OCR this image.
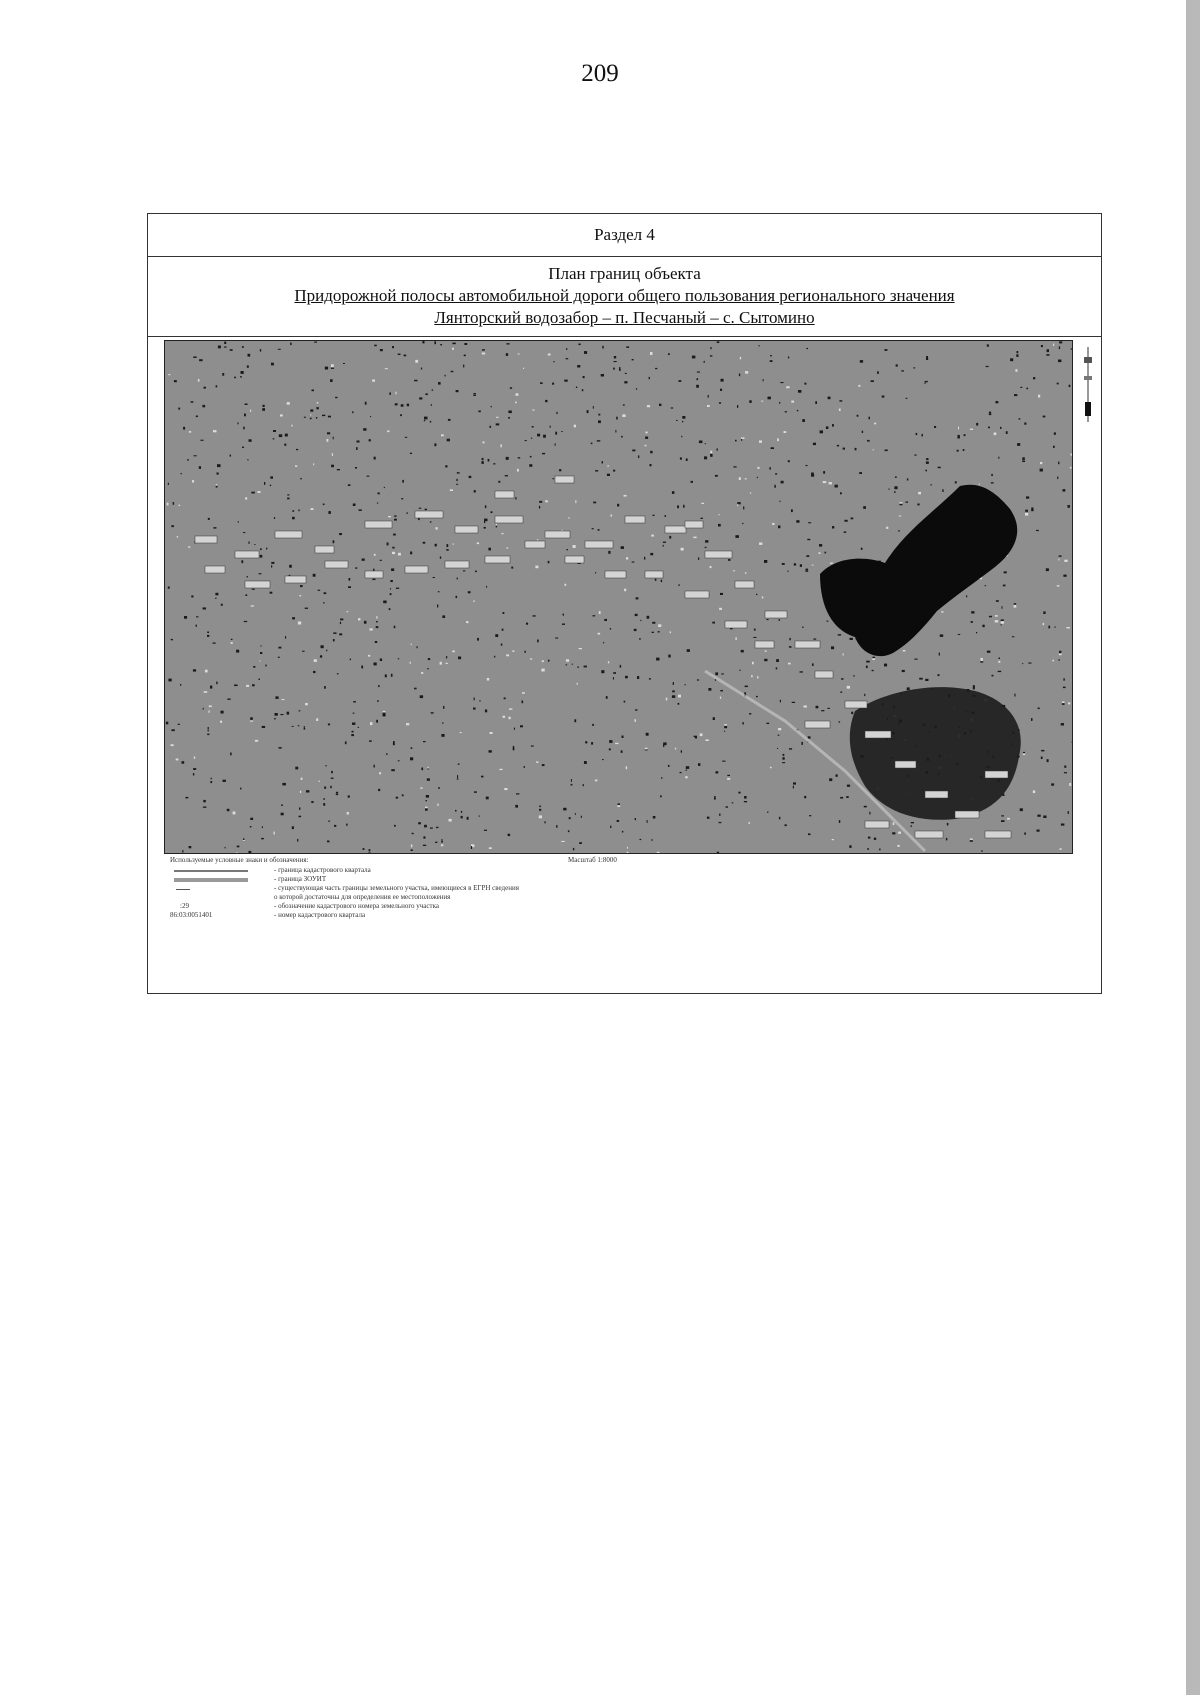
209
Раздел 4
План границ объекта
Придорожной полосы автомобильной дороги общего пользования регионального значения
Лянторский водозабор – п. Песчаный – с. Сытомино
Используемые условные знаки и обозначения:	Масштаб 1:8000
- граница кадастрового квартала
- граница ЗОУИТ
- существующая часть границы земельного участка, имеющиеся в ЕГРН сведения
о которой достаточны для определения ее местоположения
:29	- обозначение кадастрового номера земельного участка
86:03:0051401	- номер кадастрового квартала
